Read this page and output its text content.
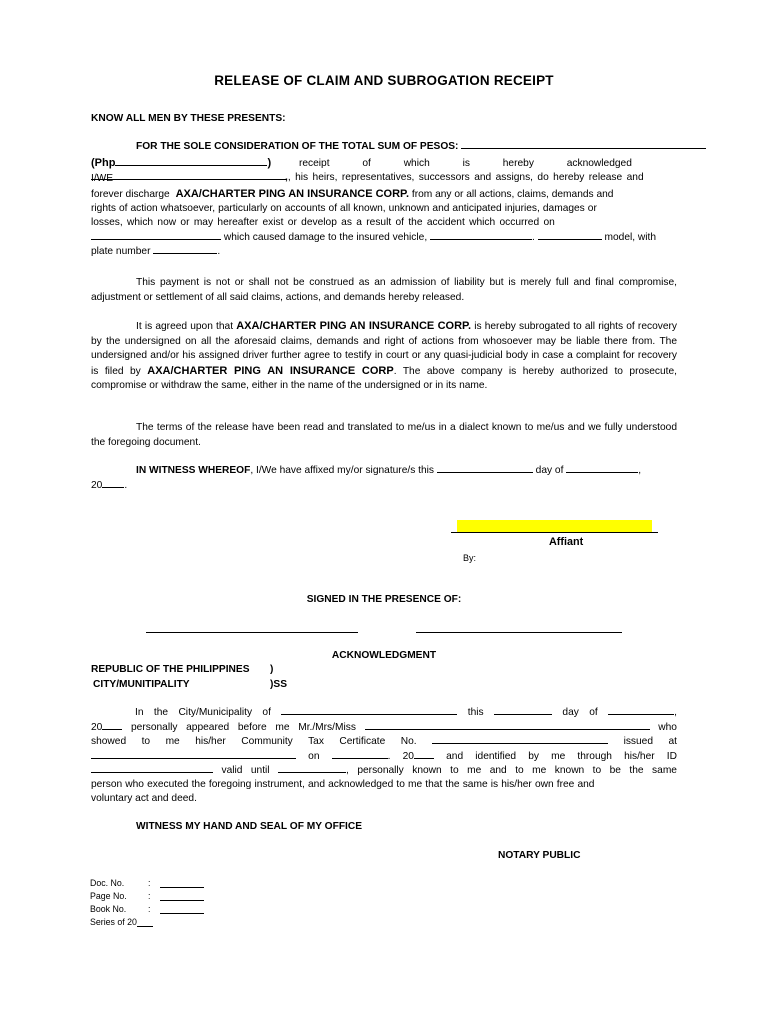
RELEASE OF CLAIM AND SUBROGATION RECEIPT
KNOW ALL MEN BY THESE PRESENTS:
FOR THE SOLE CONSIDERATION OF THE TOTAL SUM OF PESOS:
(Php	)	receipt of which is hereby acknowledged I/WE	,, his heirs, representatives, successors and assigns, do hereby release and
forever discharge AXA/CHARTER PING AN INSURANCE CORP. from any or all actions, claims, demands and
rights of action whatsoever, particularly on accounts of all known, unknown and anticipated injuries, damages or
losses, which now or may hereafter exist or develop as a result of the accident which occurred on
which caused damage to the insured vehicle,	.	model, with
plate number	.
This payment is not or shall not be construed as an admission of liability but is merely full and final compromise, adjustment or settlement of all said claims, actions, and demands hereby released.
It is agreed upon that AXA/CHARTER PING AN INSURANCE CORP. is hereby subrogated to all rights of recovery by the undersigned on all the aforesaid claims, demands and right of actions from whosoever may be liable there from. The undersigned and/or his assigned driver further agree to testify in court or any quasi-judicial body in case a complaint for recovery is filed by AXA/CHARTER PING AN INSURANCE CORP. The above company is hereby authorized to prosecute, compromise or withdraw the same, either in the name of the undersigned or in its name.
The terms of the release have been read and translated to me/us in a dialect known to me/us and we fully understood the foregoing document.
IN WITNESS WHEREOF, I/We have affixed my/or signature/s this	day of	,
20 .
Affiant
By:
SIGNED IN THE PRESENCE OF:
ACKNOWLEDGMENT
REPUBLIC OF THE PHILIPPINES )
CITY/MUNITIPALITY	)SS
In the City/Municipality of	this	day of	,
20	personally appeared before me Mr./Mrs/Miss	who
showed to me his/her Community Tax Certificate No.	issued at
on	. 20	and identified by me through his/her ID
valid until	, personally known to me and to me known to be the same
person who executed the foregoing instrument, and acknowledged to me that the same is his/her own free and
voluntary act and deed.
WITNESS MY HAND AND SEAL OF MY OFFICE
NOTARY PUBLIC
Doc. No.	:
Page No.	:
Book No.	:
Series of 20
